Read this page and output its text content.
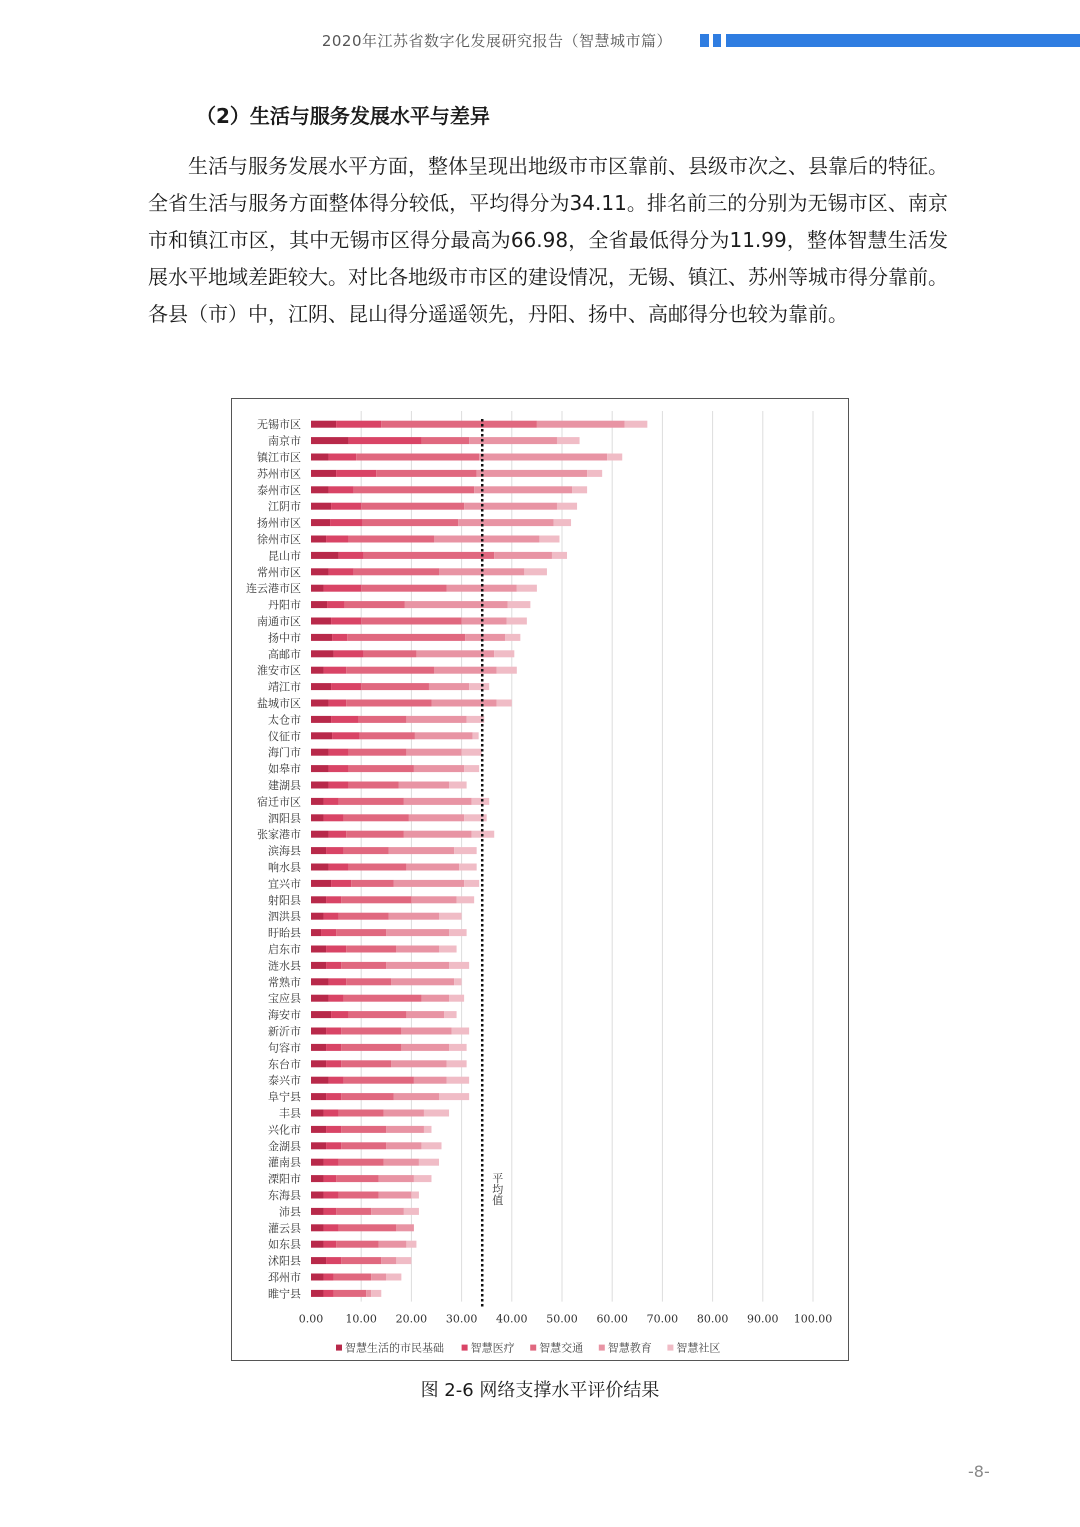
2020年江苏省数字化发展研究报告（智慧城市篇）
（2）生活与服务发展水平与差异

生活与服务发展水平方面，整体呈现出地级市市区靠前、县级市次之、县靠后的特征。全省生活与服务方面整体得分较低，平均得分为34.11。排名前三的分别为无锡市区、南京市和镇江市区，其中无锡市区得分最高为66.98，全省最低得分为11.99，整体智慧生活发展水平地域差距较大。对比各地级市市区的建设情况，无锡、镇江、苏州等城市得分靠前。各县（市）中，江阴、昆山得分遥遥领先，丹阳、扬中、高邮得分也较为靠前。

0.00 10.00 20.00 30.00 40.00 50.00 60.00 70.00 80.00 90.00 100.00
无锡市区
南京市
镇江市区
苏州市区
泰州市区
江阴市
扬州市区
徐州市区
昆山市
常州市区
连云港市区
丹阳市
南通市区
扬中市
高邮市
淮安市区
靖江市
盐城市区
太仓市
仪征市
海门市
如皋市
建湖县
宿迁市区
泗阳县
张家港市
滨海县
响水县
宜兴市
射阳县
泗洪县
盱眙县
启东市
涟水县
常熟市
宝应县
海安市
新沂市
句容市
东台市
泰兴市
阜宁县
丰县
兴化市
金湖县
灌南县
溧阳市
东海县
沛县
灌云县
如东县
沭阳县
邳州市
睢宁县
平均值
智慧生活的市民基础 智慧医疗 智慧交通 智慧教育 智慧社区
图 2-6 网络支撑水平评价结果
-8-
